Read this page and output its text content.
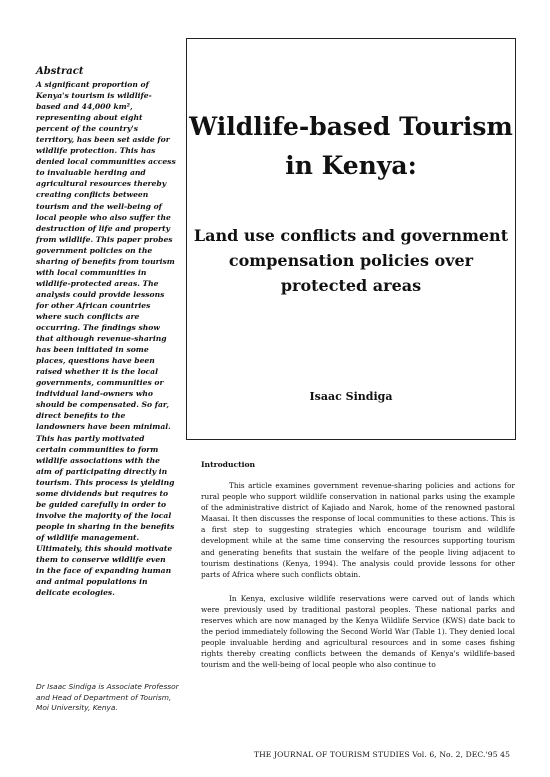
Abstract

A significant proportion of Kenya's tourism is wildlife-based and 44,000 km², representing about eight percent of the country's territory, has been set aside for wildlife protection. This has denied local communities access to invaluable herding and agricultural resources thereby creating conflicts between tourism and the well-being of local people who also suffer the destruction of life and property from wildlife. This paper probes government policies on the sharing of benefits from tourism with local communities in wildlife-protected areas. The analysis could provide lessons for other African countries where such conflicts are occurring. The findings show that although revenue-sharing has been initiated in some places, questions have been raised whether it is the local governments, communities or individual land-owners who should be compensated. So far, direct benefits to the landowners have been minimal. This has partly motivated certain communities to form wildlife associations with the aim of participating directly in tourism. This process is yielding some dividends but requires to be guided carefully in order to involve the majority of the local people in sharing in the benefits of wildlife management. Ultimately, this should motivate them to conserve wildlife even in the face of expanding human and animal populations in delicate ecologies.

Dr Isaac Sindiga is Associate Professor and Head of Department of Tourism, Moi University, Kenya.
Wildlife-based Tourism in Kenya:
Land use conflicts and government compensation policies over protected areas
Isaac Sindiga
Introduction

This article examines government revenue-sharing policies and actions for rural people who support wildlife conservation in national parks using the example of the administrative district of Kajiado and Narok, home of the renowned pastoral Maasai. It then discusses the response of local communities to these actions. This is a first step to suggesting strategies which encourage tourism and wildlife development while at the same time conserving the resources supporting tourism and generating benefits that sustain the welfare of the people living adjacent to tourism destinations (Kenya, 1994). The analysis could provide lessons for other parts of Africa where such conflicts obtain.

In Kenya, exclusive wildlife reservations were carved out of lands which were previously used by traditional pastoral peoples. These national parks and reserves which are now managed by the Kenya Wildlife Service (KWS) date back to the period immediately following the Second World War (Table 1). They denied local people invaluable herding and agricultural resources and in some cases fishing rights thereby creating conflicts between the demands of Kenya's wildlife-based tourism and the well-being of local people who also continue to

THE JOURNAL OF TOURISM STUDIES Vol. 6, No. 2, DEC.'95 45
